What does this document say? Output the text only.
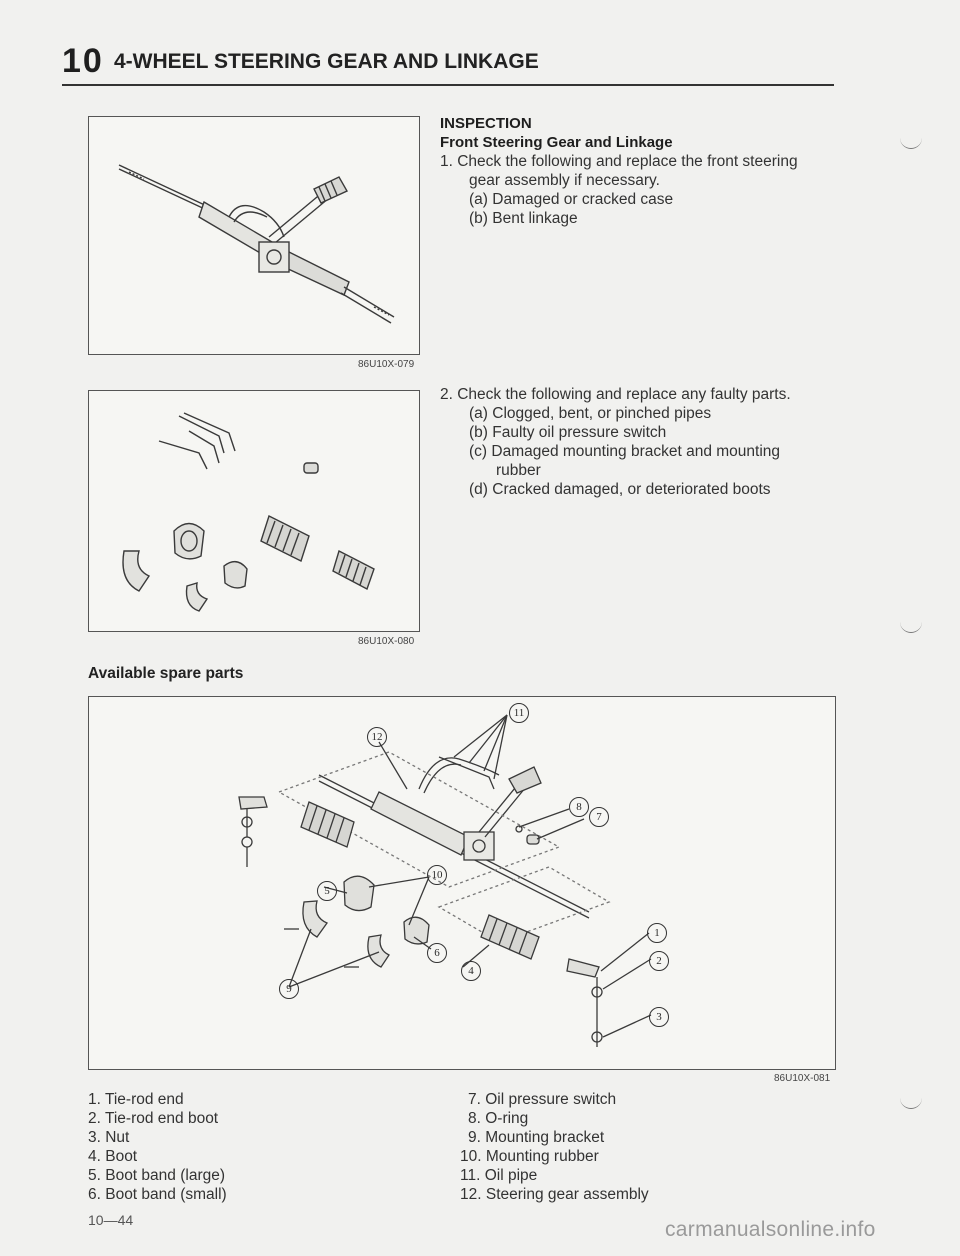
10 4-WHEEL STEERING GEAR AND LINKAGE
86U10X-079
INSPECTION
Front Steering Gear and Linkage
1. Check the following and replace the front steering
gear assembly if necessary.
(a) Damaged or cracked case
(b) Bent linkage
86U10X-080
2. Check the following and replace any faulty parts.
(a) Clogged, bent, or pinched pipes
(b) Faulty oil pressure switch
(c) Damaged mounting bracket and mounting
rubber
(d) Cracked damaged, or deteriorated boots
Available spare parts
11
12
8
7
10
5
6
4
9
1
2
3
86U10X-081
1. Tie-rod end
2. Tie-rod end boot
3. Nut
4. Boot
5. Boot band (large)
6. Boot band (small)
7. Oil pressure switch
8. O-ring
9. Mounting bracket
10. Mounting rubber
11. Oil pipe
12. Steering gear assembly
10—44	carmanualsonline.info
